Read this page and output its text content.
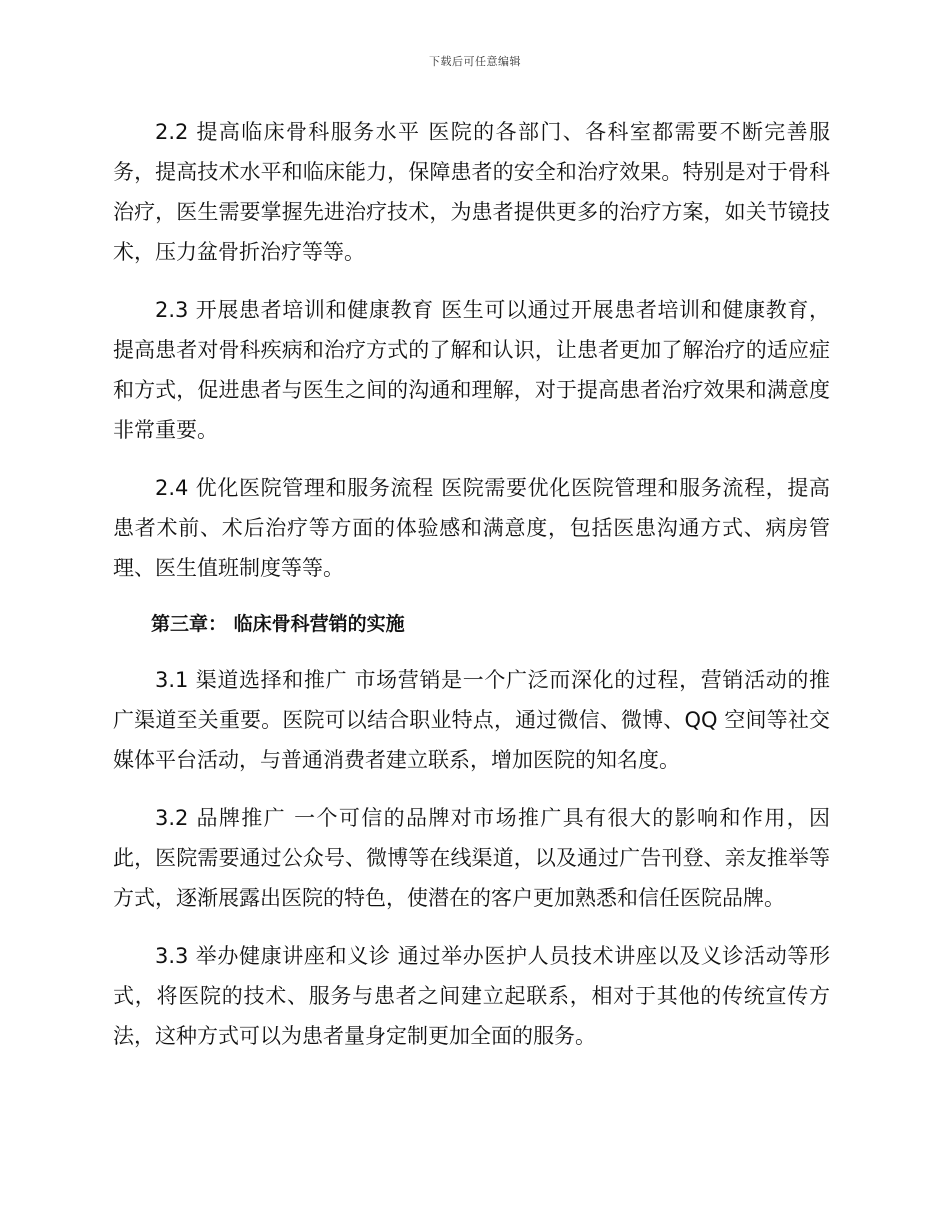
下载后可任意编辑

2.2 提高临床骨科服务水平 医院的各部门、各科室都需要不断完善服务，提高技术水平和临床能力，保障患者的安全和治疗效果。特别是对于骨科治疗，医生需要掌握先进治疗技术，为患者提供更多的治疗方案，如关节镜技术，压力盆骨折治疗等等。

2.3 开展患者培训和健康教育 医生可以通过开展患者培训和健康教育，提高患者对骨科疾病和治疗方式的了解和认识，让患者更加了解治疗的适应症和方式，促进患者与医生之间的沟通和理解，对于提高患者治疗效果和满意度非常重要。

2.4 优化医院管理和服务流程 医院需要优化医院管理和服务流程，提高患者术前、术后治疗等方面的体验感和满意度，包括医患沟通方式、病房管理、医生值班制度等等。

第三章： 临床骨科营销的实施

3.1 渠道选择和推广 市场营销是一个广泛而深化的过程，营销活动的推广渠道至关重要。医院可以结合职业特点，通过微信、微博、QQ 空间等社交媒体平台活动，与普通消费者建立联系，增加医院的知名度。

3.2 品牌推广 一个可信的品牌对市场推广具有很大的影响和作用，因此，医院需要通过公众号、微博等在线渠道，以及通过广告刊登、亲友推举等方式，逐渐展露出医院的特色，使潜在的客户更加熟悉和信任医院品牌。

3.3 举办健康讲座和义诊 通过举办医护人员技术讲座以及义诊活动等形式，将医院的技术、服务与患者之间建立起联系，相对于其他的传统宣传方法，这种方式可以为患者量身定制更加全面的服务。
